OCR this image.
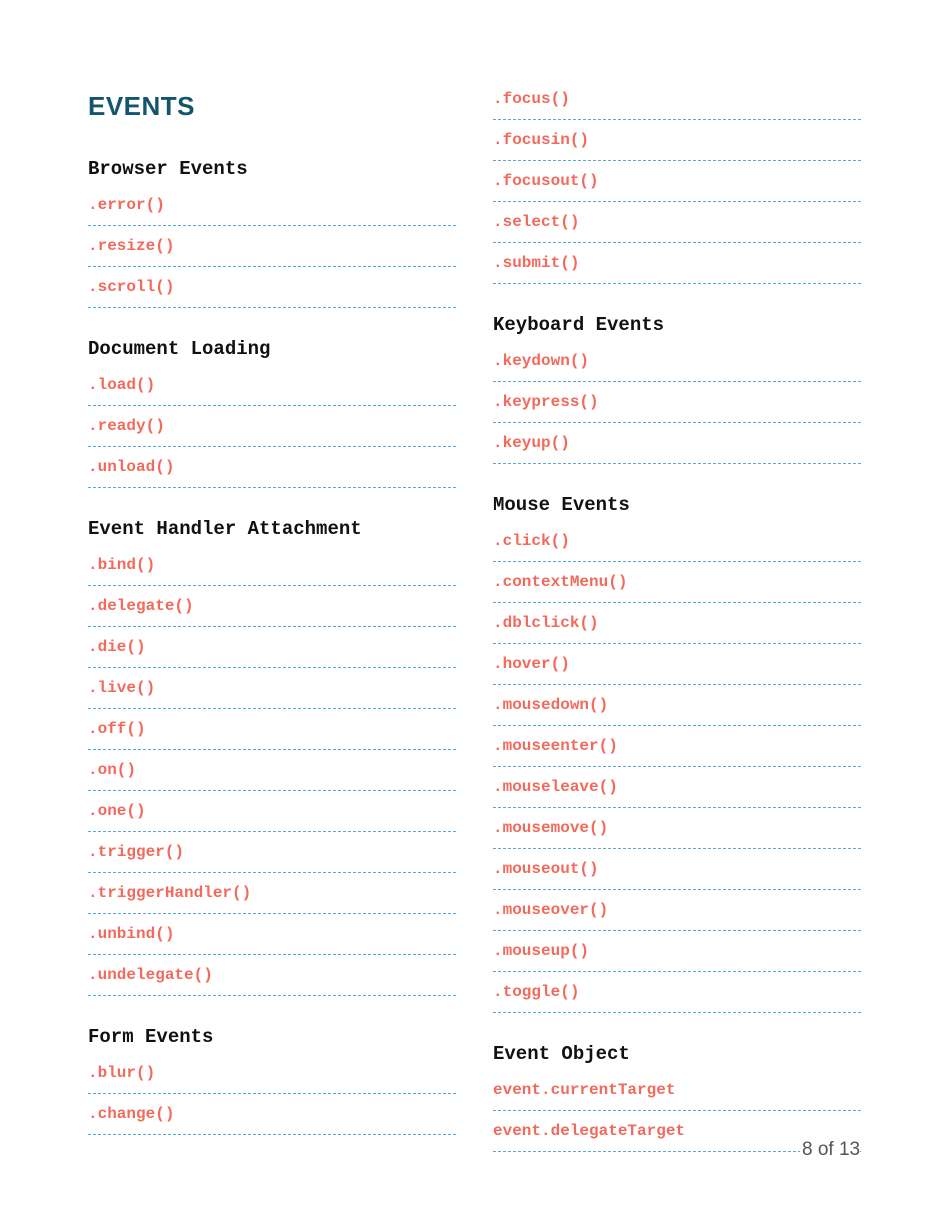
EVENTS
Browser Events
.error()
.resize()
.scroll()
Document Loading
.load()
.ready()
.unload()
Event Handler Attachment
.bind()
.delegate()
.die()
.live()
.off()
.on()
.one()
.trigger()
.triggerHandler()
.unbind()
.undelegate()
Form Events
.blur()
.change()
.focus()
.focusin()
.focusout()
.select()
.submit()
Keyboard Events
.keydown()
.keypress()
.keyup()
Mouse Events
.click()
.contextMenu()
.dblclick()
.hover()
.mousedown()
.mouseenter()
.mouseleave()
.mousemove()
.mouseout()
.mouseover()
.mouseup()
.toggle()
Event Object
event.currentTarget
event.delegateTarget
8 of 13
